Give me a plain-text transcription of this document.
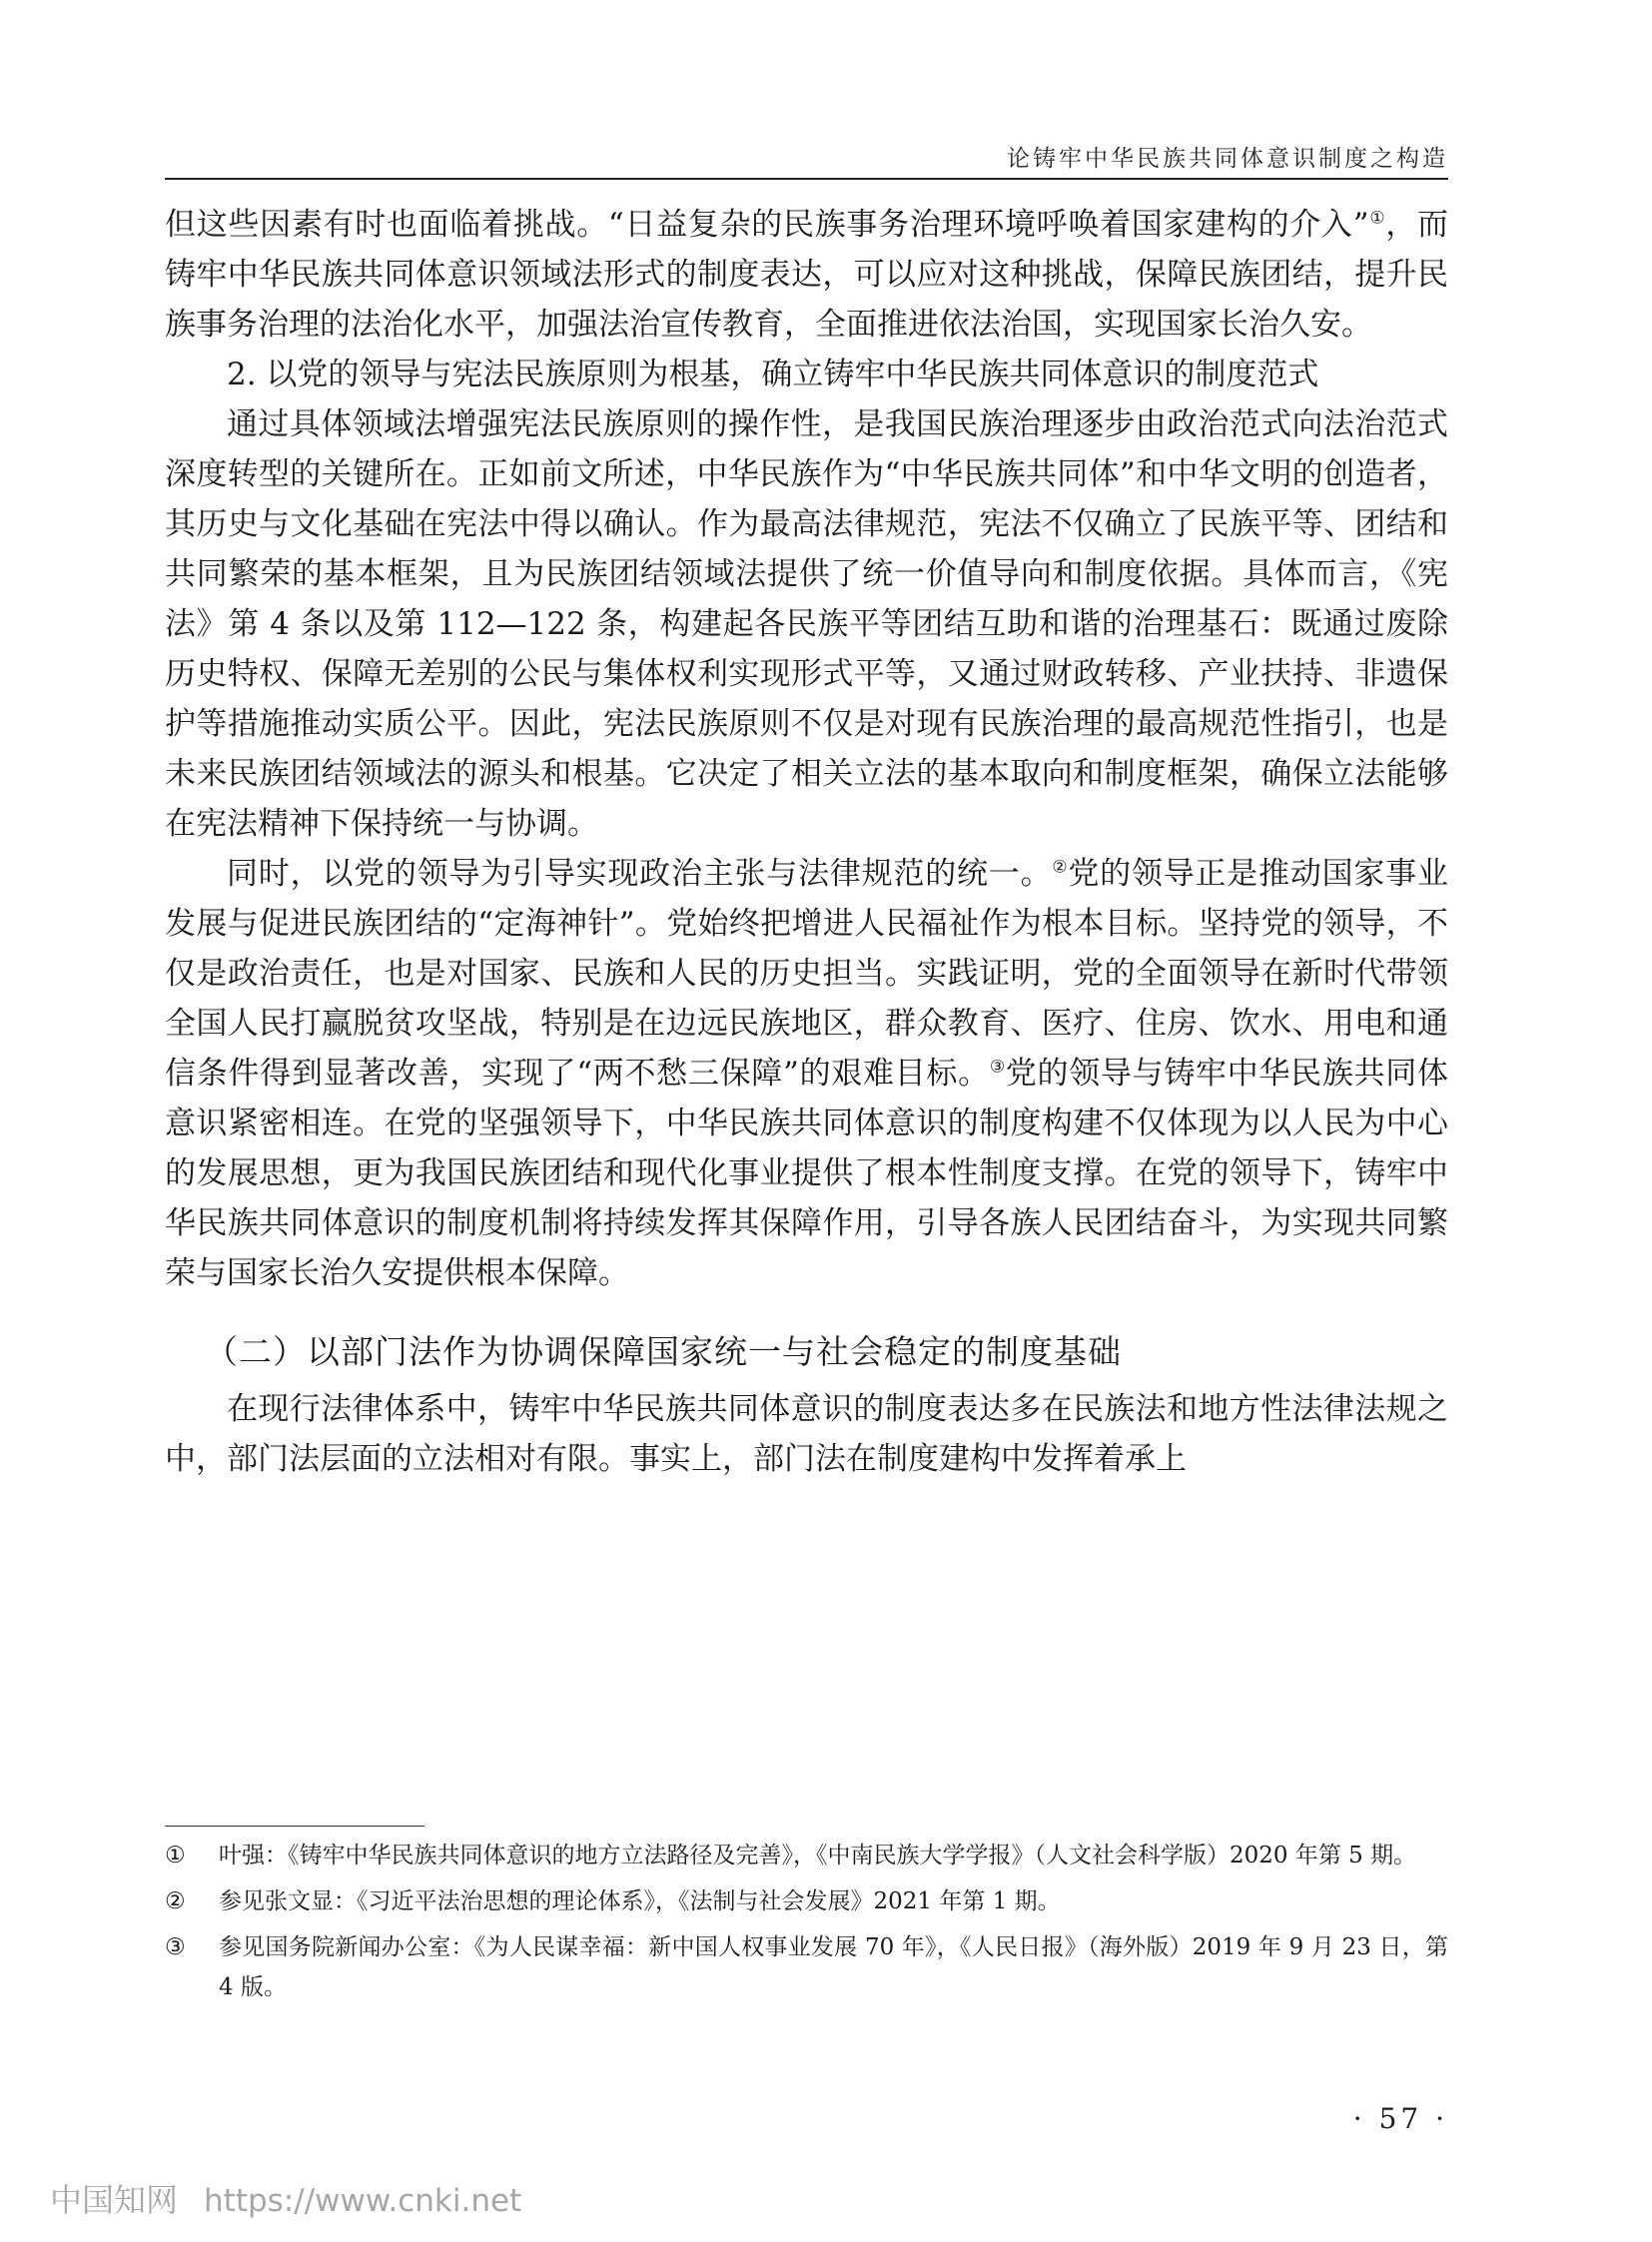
论铸牢中华民族共同体意识制度之构造

但这些因素有时也面临着挑战。“日益复杂的民族事务治理环境呼唤着国家建构的介入”①，而铸牢中华民族共同体意识领域法形式的制度表达，可以应对这种挑战，保障民族团结，提升民族事务治理的法治化水平，加强法治宣传教育，全面推进依法治国，实现国家长治久安。

2. 以党的领导与宪法民族原则为根基，确立铸牢中华民族共同体意识的制度范式

通过具体领域法增强宪法民族原则的操作性，是我国民族治理逐步由政治范式向法治范式深度转型的关键所在。正如前文所述，中华民族作为“中华民族共同体”和中华文明的创造者，其历史与文化基础在宪法中得以确认。作为最高法律规范，宪法不仅确立了民族平等、团结和共同繁荣的基本框架，且为民族团结领域法提供了统一价值导向和制度依据。具体而言，《宪法》第 4 条以及第 112—122 条，构建起各民族平等团结互助和谐的治理基石：既通过废除历史特权、保障无差别的公民与集体权利实现形式平等，又通过财政转移、产业扶持、非遗保护等措施推动实质公平。因此，宪法民族原则不仅是对现有民族治理的最高规范性指引，也是未来民族团结领域法的源头和根基。它决定了相关立法的基本取向和制度框架，确保立法能够在宪法精神下保持统一与协调。

同时，以党的领导为引导实现政治主张与法律规范的统一。②党的领导正是推动国家事业发展与促进民族团结的“定海神针”。党始终把增进人民福祉作为根本目标。坚持党的领导，不仅是政治责任，也是对国家、民族和人民的历史担当。实践证明，党的全面领导在新时代带领全国人民打赢脱贫攻坚战，特别是在边远民族地区，群众教育、医疗、住房、饮水、用电和通信条件得到显著改善，实现了“两不愁三保障”的艰难目标。③党的领导与铸牢中华民族共同体意识紧密相连。在党的坚强领导下，中华民族共同体意识的制度构建不仅体现为以人民为中心的发展思想，更为我国民族团结和现代化事业提供了根本性制度支撑。在党的领导下，铸牢中华民族共同体意识的制度机制将持续发挥其保障作用，引导各族人民团结奋斗，为实现共同繁荣与国家长治久安提供根本保障。

（二）以部门法作为协调保障国家统一与社会稳定的制度基础

在现行法律体系中，铸牢中华民族共同体意识的制度表达多在民族法和地方性法律法规之中，部门法层面的立法相对有限。事实上，部门法在制度建构中发挥着承上

①	叶强：《铸牢中华民族共同体意识的地方立法路径及完善》，《中南民族大学学报》（人文社会科学版）2020 年第 5 期。
②	参见张文显：《习近平法治思想的理论体系》，《法制与社会发展》2021 年第 1 期。
③	参见国务院新闻办公室：《为人民谋幸福：新中国人权事业发展 70 年》，《人民日报》（海外版）2019 年 9 月 23 日，第 4 版。
· 57 ·
中国知网 https://www.cnki.net
